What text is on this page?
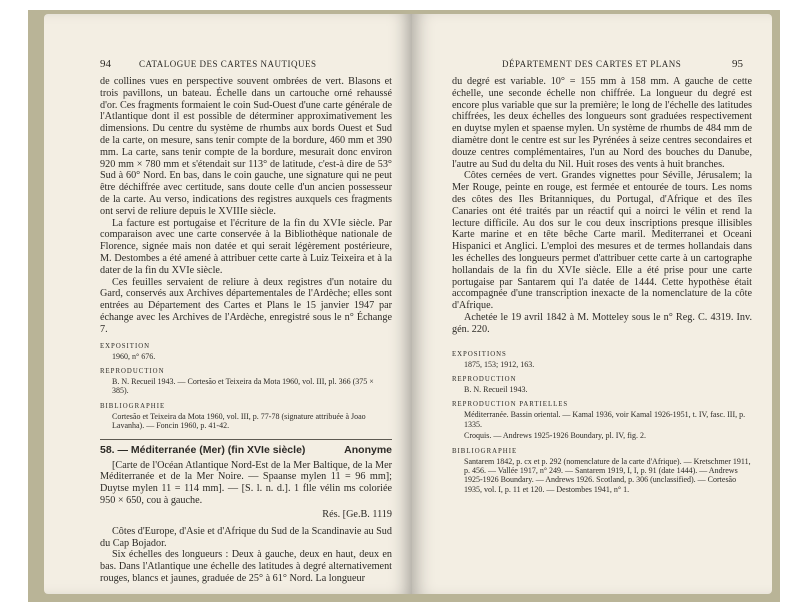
94	CATALOGUE DES CARTES NAUTIQUES

de collines vues en perspective souvent ombrées de vert. Blasons et trois pavillons, un bateau. Échelle dans un cartouche orné rehaussé d'or. Ces fragments formaient le coin Sud-Ouest d'une carte générale de l'Atlantique dont il est possible de déterminer approximativement les dimensions. Du centre du système de rhumbs aux bords Ouest et Sud de la carte, on mesure, sans tenir compte de la bordure, 460 mm et 390 mm. La carte, sans tenir compte de la bordure, mesurait donc environ 920 mm × 780 mm et s'étendait sur 113° de latitude, c'est-à dire de 53° Sud à 60° Nord. En bas, dans le coin gauche, une signature qui ne peut être déchiffrée avec certitude, sans doute celle d'un ancien possesseur de la carte. Au verso, indications des registres auxquels ces fragments ont servi de reliure depuis le XVIIIe siècle.

La facture est portugaise et l'écriture de la fin du XVIe siècle. Par comparaison avec une carte conservée à la Bibliothèque nationale de Florence, signée mais non datée et qui serait légèrement postérieure, M. Destombes a été amené à attribuer cette carte à Luiz Teixeira et à la dater de la fin du XVIe siècle.

Ces feuilles servaient de reliure à deux registres d'un notaire du Gard, conservés aux Archives départementales de l'Ardèche; elles sont entrées au Département des Cartes et Plans le 15 janvier 1947 par échange avec les Archives de l'Ardèche, enregistré sous le n° Échange 7.

EXPOSITION
1960, n° 676.
REPRODUCTION
B. N. Recueil 1943. — Cortesão et Teixeira da Mota 1960, vol. III, pl. 366 (375 × 385).
BIBLIOGRAPHIE
Cortesão et Teixeira da Mota 1960, vol. III, p. 77-78 (signature attribuée à Joao Lavanha). — Foncin 1960, p. 41-42.
58. — Méditerranée (Mer) (fin XVIe siècle)	Anonyme

[Carte de l'Océan Atlantique Nord-Est de la Mer Baltique, de la Mer Méditerranée et de la Mer Noire. — Spaanse mylen 11 = 96 mm]; Duytse mylen 11 = 114 mm]. — [S. l. n. d.]. 1 flle vélin ms coloriée 950 × 650, cou à gauche.

Rés. [Ge.B. 1119

Côtes d'Europe, d'Asie et d'Afrique du Sud de la Scandinavie au Sud du Cap Bojador.

Six échelles des longueurs : Deux à gauche, deux en haut, deux en bas. Dans l'Atlantique une échelle des latitudes à degré alternativement rouges, blancs et jaunes, graduée de 25° à 61° Nord. La longueur

DÉPARTEMENT DES CARTES ET PLANS	95

du degré est variable. 10° = 155 mm à 158 mm. A gauche de cette échelle, une seconde échelle non chiffrée. La longueur du degré est encore plus variable que sur la première; le long de l'échelle des latitudes chiffrées, les deux échelles des longueurs sont graduées respectivement en duytse mylen et spaense mylen. Un système de rhumbs de 484 mm de diamètre dont le centre est sur les Pyrénées à seize centres secondaires et douze centres complémentaires, l'un au Nord des bouches du Danube, l'autre au Sud du delta du Nil. Huit roses des vents à huit branches.

Côtes cernées de vert. Grandes vignettes pour Séville, Jérusalem; la Mer Rouge, peinte en rouge, est fermée et entourée de tours. Les noms des côtes des Iles Britanniques, du Portugal, d'Afrique et des îles Canaries ont été traités par un réactif qui a noirci le vélin et rend la lecture difficile. Au dos sur le cou deux inscriptions presque illisibles Karte marine et en tête bêche Carte maril. Mediterranei et Oceani Hispanici et Anglici. L'emploi des mesures et de termes hollandais dans les échelles des longueurs permet d'attribuer cette carte à un cartographe hollandais de la fin du XVIe siècle. Elle a été prise pour une carte portugaise par Santarem qui l'a datée de 1444. Cette hypothèse était accompagnée d'une transcription inexacte de la nomenclature de la côte d'Afrique.

Achetée le 19 avril 1842 à M. Motteley sous le n° Reg. C. 4319. Inv. gén. 220.

EXPOSITIONS
1875, 153; 1912, 163.
REPRODUCTION
B. N. Recueil 1943.
REPRODUCTION PARTIELLES
Méditerranée. Bassin oriental. — Kamal 1936, voir Kamal 1926-1951, t. IV, fasc. III, p. 1335.
Croquis. — Andrews 1925-1926 Boundary, pl. IV, fig. 2.
BIBLIOGRAPHIE
Santarem 1842, p. cx et p. 292 (nomenclature de la carte d'Afrique). — Kretschmer 1911, p. 456. — Vallée 1917, n° 249. — Santarem 1919, I, I, p. 91 (date 1444). — Andrews 1925-1926 Boundary. — Andrews 1926. Scotland, p. 306 (unclassified). — Cortesão 1935, vol. I, p. 11 et 120. — Destombes 1941, n° 1.
